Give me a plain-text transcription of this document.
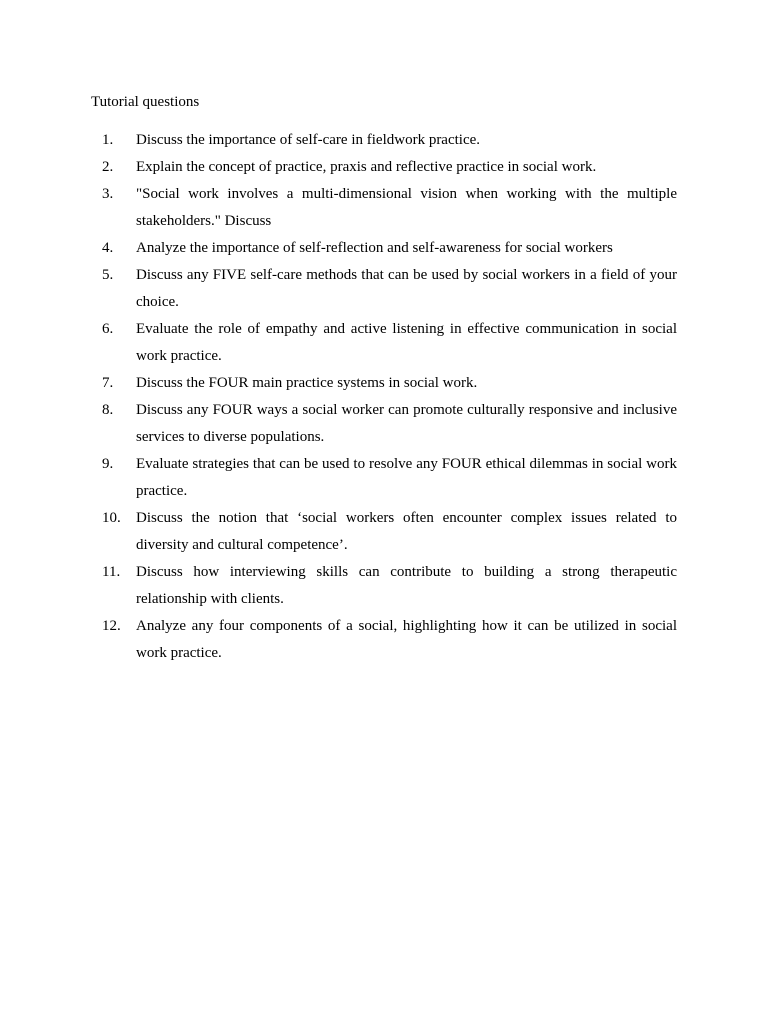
Tutorial questions

1.	Discuss the importance of self-care in fieldwork practice.
2.	Explain the concept of practice, praxis and reflective practice in social work.
3.	"Social work involves a multi-dimensional vision when working with the multiple stakeholders." Discuss
4.	Analyze the importance of self-reflection and self-awareness for social workers
5.	Discuss any FIVE self-care methods that can be used by social workers in a field of your choice.
6.	Evaluate the role of empathy and active listening in effective communication in social work practice.
7.	Discuss the FOUR main practice systems in social work.
8.	Discuss any FOUR ways a social worker can promote culturally responsive and inclusive services to diverse populations.
9.	Evaluate strategies that can be used to resolve any FOUR ethical dilemmas in social work practice.
10.	Discuss the notion that ‘social workers often encounter complex issues related to diversity and cultural competence’.
11.	Discuss how interviewing skills can contribute to building a strong therapeutic relationship with clients.
12.	Analyze any four components of a social, highlighting how it can be utilized in social work practice.
